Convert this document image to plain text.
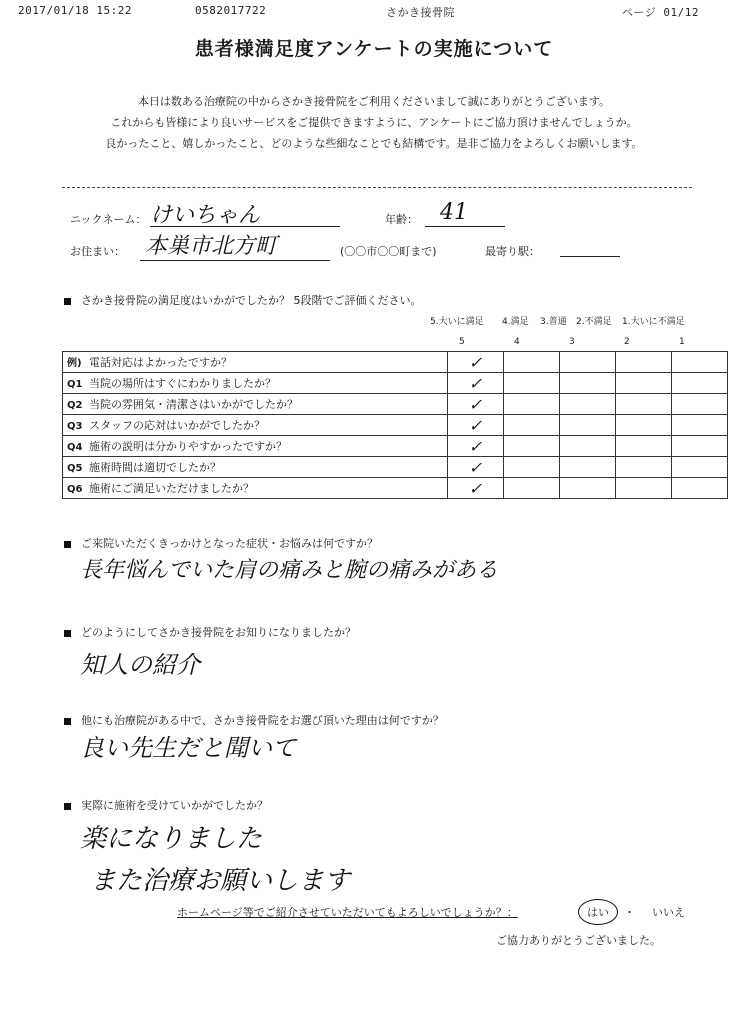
2017/01/18 15:22	0582017722	さかき接骨院	ページ 01/12
患者様満足度アンケートの実施について
本日は数ある治療院の中からさかき接骨院をご利用くださいまして誠にありがとうございます。
これからも皆様により良いサービスをご提供できますように、アンケートにご協力頂けませんでしょうか。
良かったこと、嬉しかったこと、どのような些細なことでも結構です。是非ご協力をよろしくお願いします。
ニックネーム： けいちゃん	年齢： 41
お住まい： 本巣市北方町	(〇〇市〇〇町まで)	最寄り駅：
さかき接骨院の満足度はいかがでしたか？ 5段階でご評価ください。
5.大いに満足 4.満足 3.普通 2.不満足 1.大いに不満足
5	4	3	2	1
例) 電話対応はよかったですか？	✓				
Q1 当院の場所はすぐにわかりましたか？	✓				
Q2 当院の雰囲気・清潔さはいかがでしたか？	✓				
Q3 スタッフの応対はいかがでしたか？	✓				
Q4 施術の説明は分かりやすかったですか？	✓				
Q5 施術時間は適切でしたか？	✓				
Q6 施術にご満足いただけましたか？	✓				
ご来院いただくきっかけとなった症状・お悩みは何ですか？
長年悩んでいた肩の痛みと腕の痛みがある
どのようにしてさかき接骨院をお知りになりましたか？
知人の紹介
他にも治療院がある中で、さかき接骨院をお選び頂いた理由は何ですか？
良い先生だと聞いて
実際に施術を受けていかがでしたか？
楽になりました
また治療お願いします
ホームページ等でご紹介させていただいてもよろしいでしょうか？：	はい	・ いいえ
ご協力ありがとうございました。
